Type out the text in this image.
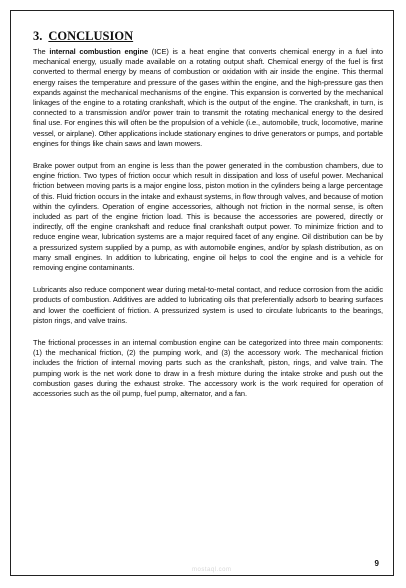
3. CONCLUSION

The internal combustion engine (ICE) is a heat engine that converts chemical energy in a fuel into mechanical energy, usually made available on a rotating output shaft. Chemical energy of the fuel is first converted to thermal energy by means of combustion or oxidation with air inside the engine. This thermal energy raises the temperature and pressure of the gases within the engine, and the high-pressure gas then expands against the mechanical mechanisms of the engine. This expansion is converted by the mechanical linkages of the engine to a rotating crankshaft, which is the output of the engine. The crankshaft, in turn, is connected to a transmission and/or power train to transmit the rotating mechanical energy to the desired final use. For engines this will often be the propulsion of a vehicle (i.e., automobile, truck, locomotive, marine vessel, or airplane). Other applications include stationary engines to drive generators or pumps, and portable engines for things like chain saws and lawn mowers.

Brake power output from an engine is less than the power generated in the combustion chambers, due to engine friction. Two types of friction occur which result in dissipation and loss of useful power. Mechanical friction between moving parts is a major engine loss, piston motion in the cylinders being a large percentage of this. Fluid friction occurs in the intake and exhaust systems, in flow through valves, and because of motion within the cylinders. Operation of engine accessories, although not friction in the normal sense, is often included as part of the engine friction load. This is because the accessories are powered, directly or indirectly, off the engine crankshaft and reduce final crankshaft output power. To minimize friction and to reduce engine wear, lubrication systems are a major required facet of any engine. Oil distribution can be by a pressurized system supplied by a pump, as with automobile engines, and/or by splash distribution, as on many small engines. In addition to lubricating, engine oil helps to cool the engine and is a vehicle for removing engine contaminants.

Lubricants also reduce component wear during metal-to-metal contact, and reduce corrosion from the acidic products of combustion. Additives are added to lubricating oils that preferentially adsorb to bearing surfaces and lower the coefficient of friction. A pressurized system is used to circulate lubricants to the bearings, piston rings, and valve trains.

The frictional processes in an internal combustion engine can be categorized into three main components: (1) the mechanical friction, (2) the pumping work, and (3) the accessory work. The mechanical friction includes the friction of internal moving parts such as the crankshaft, piston, rings, and valve train. The pumping work is the net work done to draw in a fresh mixture during the intake stroke and push out the combustion gases during the exhaust stroke. The accessory work is the work required for operation of accessories such as the oil pump, fuel pump, alternator, and a fan.

mostaql.com
9
